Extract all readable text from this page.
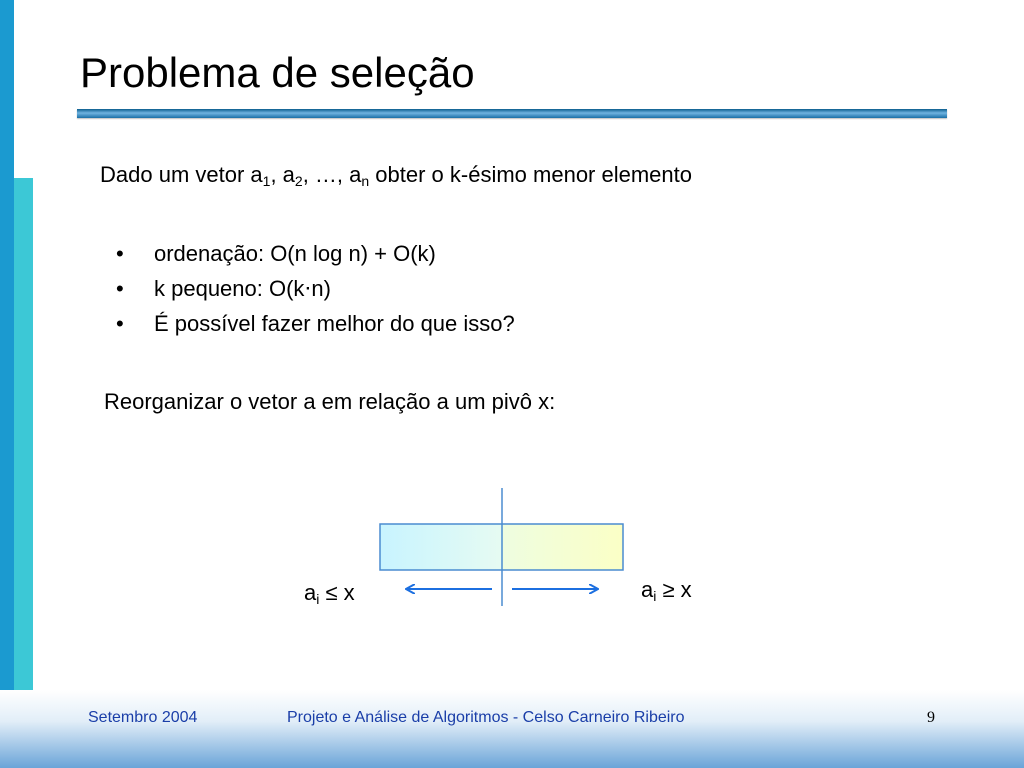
Problema de seleção
Dado um vetor $a_1$, $a_2$, …, $a_n$ obter o k-ésimo menor elemento
• ordenação: O(n log n) + O(k)
• k pequeno: O(k⋅n)
• É possível fazer melhor do que isso?
Reorganizar o vetor a em relação a um pivô x:
$a_i \le x$	$a_i \ge x$
Setembro 2004	Projeto e Análise de Algoritmos - Celso Carneiro Ribeiro	9
